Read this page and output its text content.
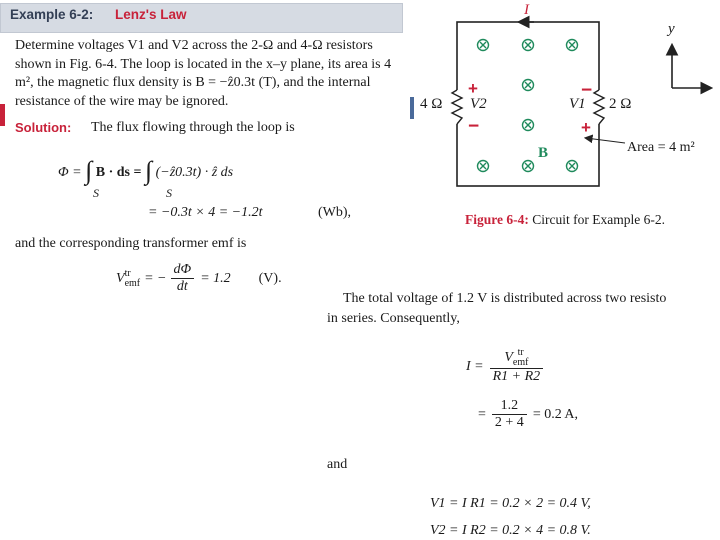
Example 6-2: Lenz's Law
Determine voltages V1 and V2 across the 2-Ω and 4-Ω resistors shown in Fig. 6-4. The loop is located in the x–y plane, its area is 4 m², the magnetic flux density is B = −ẑ0.3t (T), and the internal resistance of the wire may be ignored.
Solution: The flux flowing through the loop is
Φ = ∫ B · ds = ∫ (−ẑ0.3t) · ẑ ds
S	S
= −0.3t × 4 = −1.2t	(Wb),
and the corresponding transformer emf is
V tr
emf = − $\frac{d\Phi}{dt} = 1.2$ (V).
+
−
−
+
I
y
4 Ω V2	V1 2 Ω
B	Area = 4 m²
Figure 6-4: Circuit for Example 6-2.
The total voltage of 1.2 V is distributed across two resisto
in series. Consequently,
I = V tr
emf
R1 + R2
= $\frac{1.2}{2 + 4} = 0.2$ A,
and
V1 = I R1 = 0.2 × 2 = 0.4 V,
V2 = I R2 = 0.2 × 4 = 0.8 V.
